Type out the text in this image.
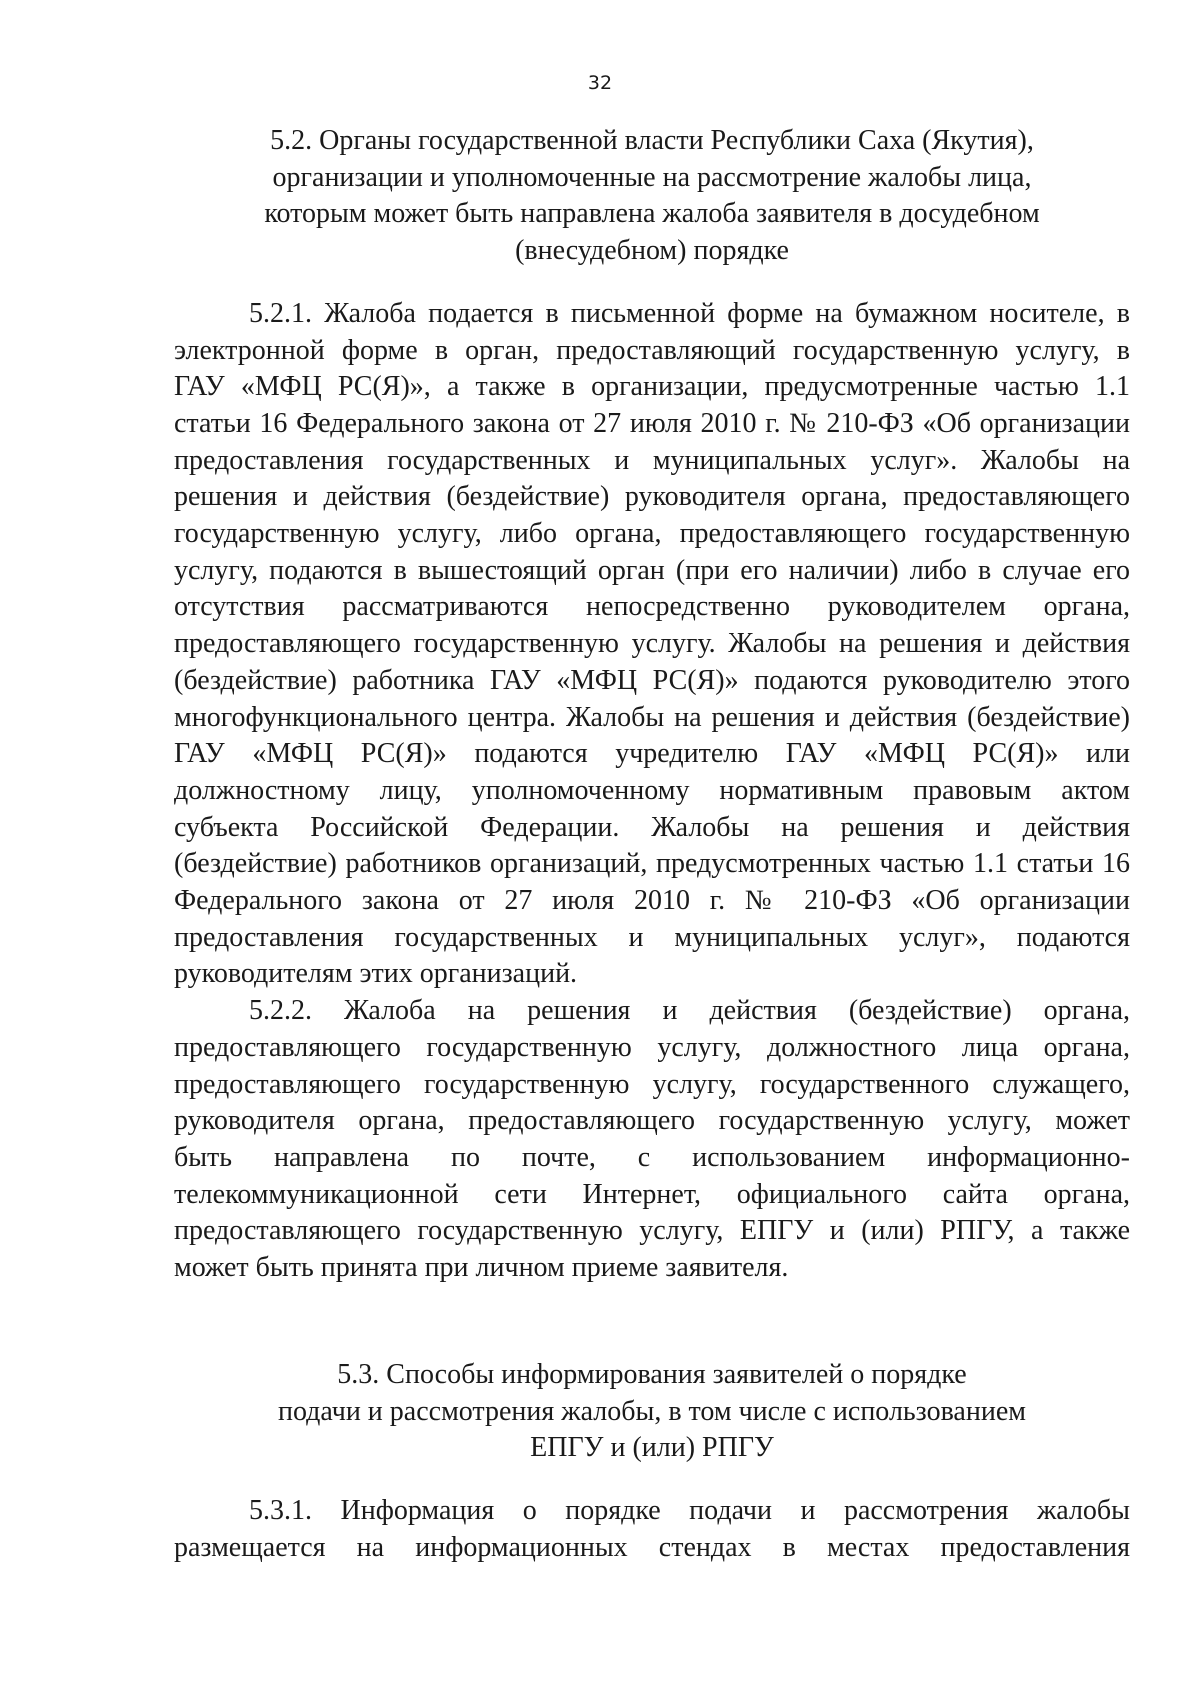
32
5.2. Органы государственной власти Республики Саха (Якутия),
организации и уполномоченные на рассмотрение жалобы лица,
которым может быть направлена жалоба заявителя в досудебном
(внесудебном) порядке
5.2.1. Жалоба подается в письменной форме на бумажном носителе, в
электронной форме в орган, предоставляющий государственную услугу, в
ГАУ «МФЦ РС(Я)», а также в организации, предусмотренные частью 1.1
статьи 16 Федерального закона от 27 июля 2010 г. № 210-ФЗ «Об организации
предоставления государственных и муниципальных услуг». Жалобы на
решения и действия (бездействие) руководителя органа, предоставляющего
государственную услугу, либо органа, предоставляющего государственную
услугу, подаются в вышестоящий орган (при его наличии) либо в случае его
отсутствия рассматриваются непосредственно руководителем органа,
предоставляющего государственную услугу. Жалобы на решения и действия
(бездействие) работника ГАУ «МФЦ РС(Я)» подаются руководителю этого
многофункционального центра. Жалобы на решения и действия (бездействие)
ГАУ «МФЦ РС(Я)» подаются учредителю ГАУ «МФЦ РС(Я)» или
должностному лицу, уполномоченному нормативным правовым актом
субъекта Российской Федерации. Жалобы на решения и действия
(бездействие) работников организаций, предусмотренных частью 1.1 статьи 16
Федерального закона от 27 июля 2010 г. № 210-ФЗ «Об организации
предоставления государственных и муниципальных услуг», подаются
руководителям этих организаций.
5.2.2. Жалоба на решения и действия (бездействие) органа,
предоставляющего государственную услугу, должностного лица органа,
предоставляющего государственную услугу, государственного служащего,
руководителя органа, предоставляющего государственную услугу, может
быть направлена по почте, с использованием информационно-
телекоммуникационной сети Интернет, официального сайта органа,
предоставляющего государственную услугу, ЕПГУ и (или) РПГУ, а также
может быть принята при личном приеме заявителя.
5.3. Способы информирования заявителей о порядке
подачи и рассмотрения жалобы, в том числе с использованием
ЕПГУ и (или) РПГУ
5.3.1. Информация о порядке подачи и рассмотрения жалобы
размещается на информационных стендах в местах предоставления
